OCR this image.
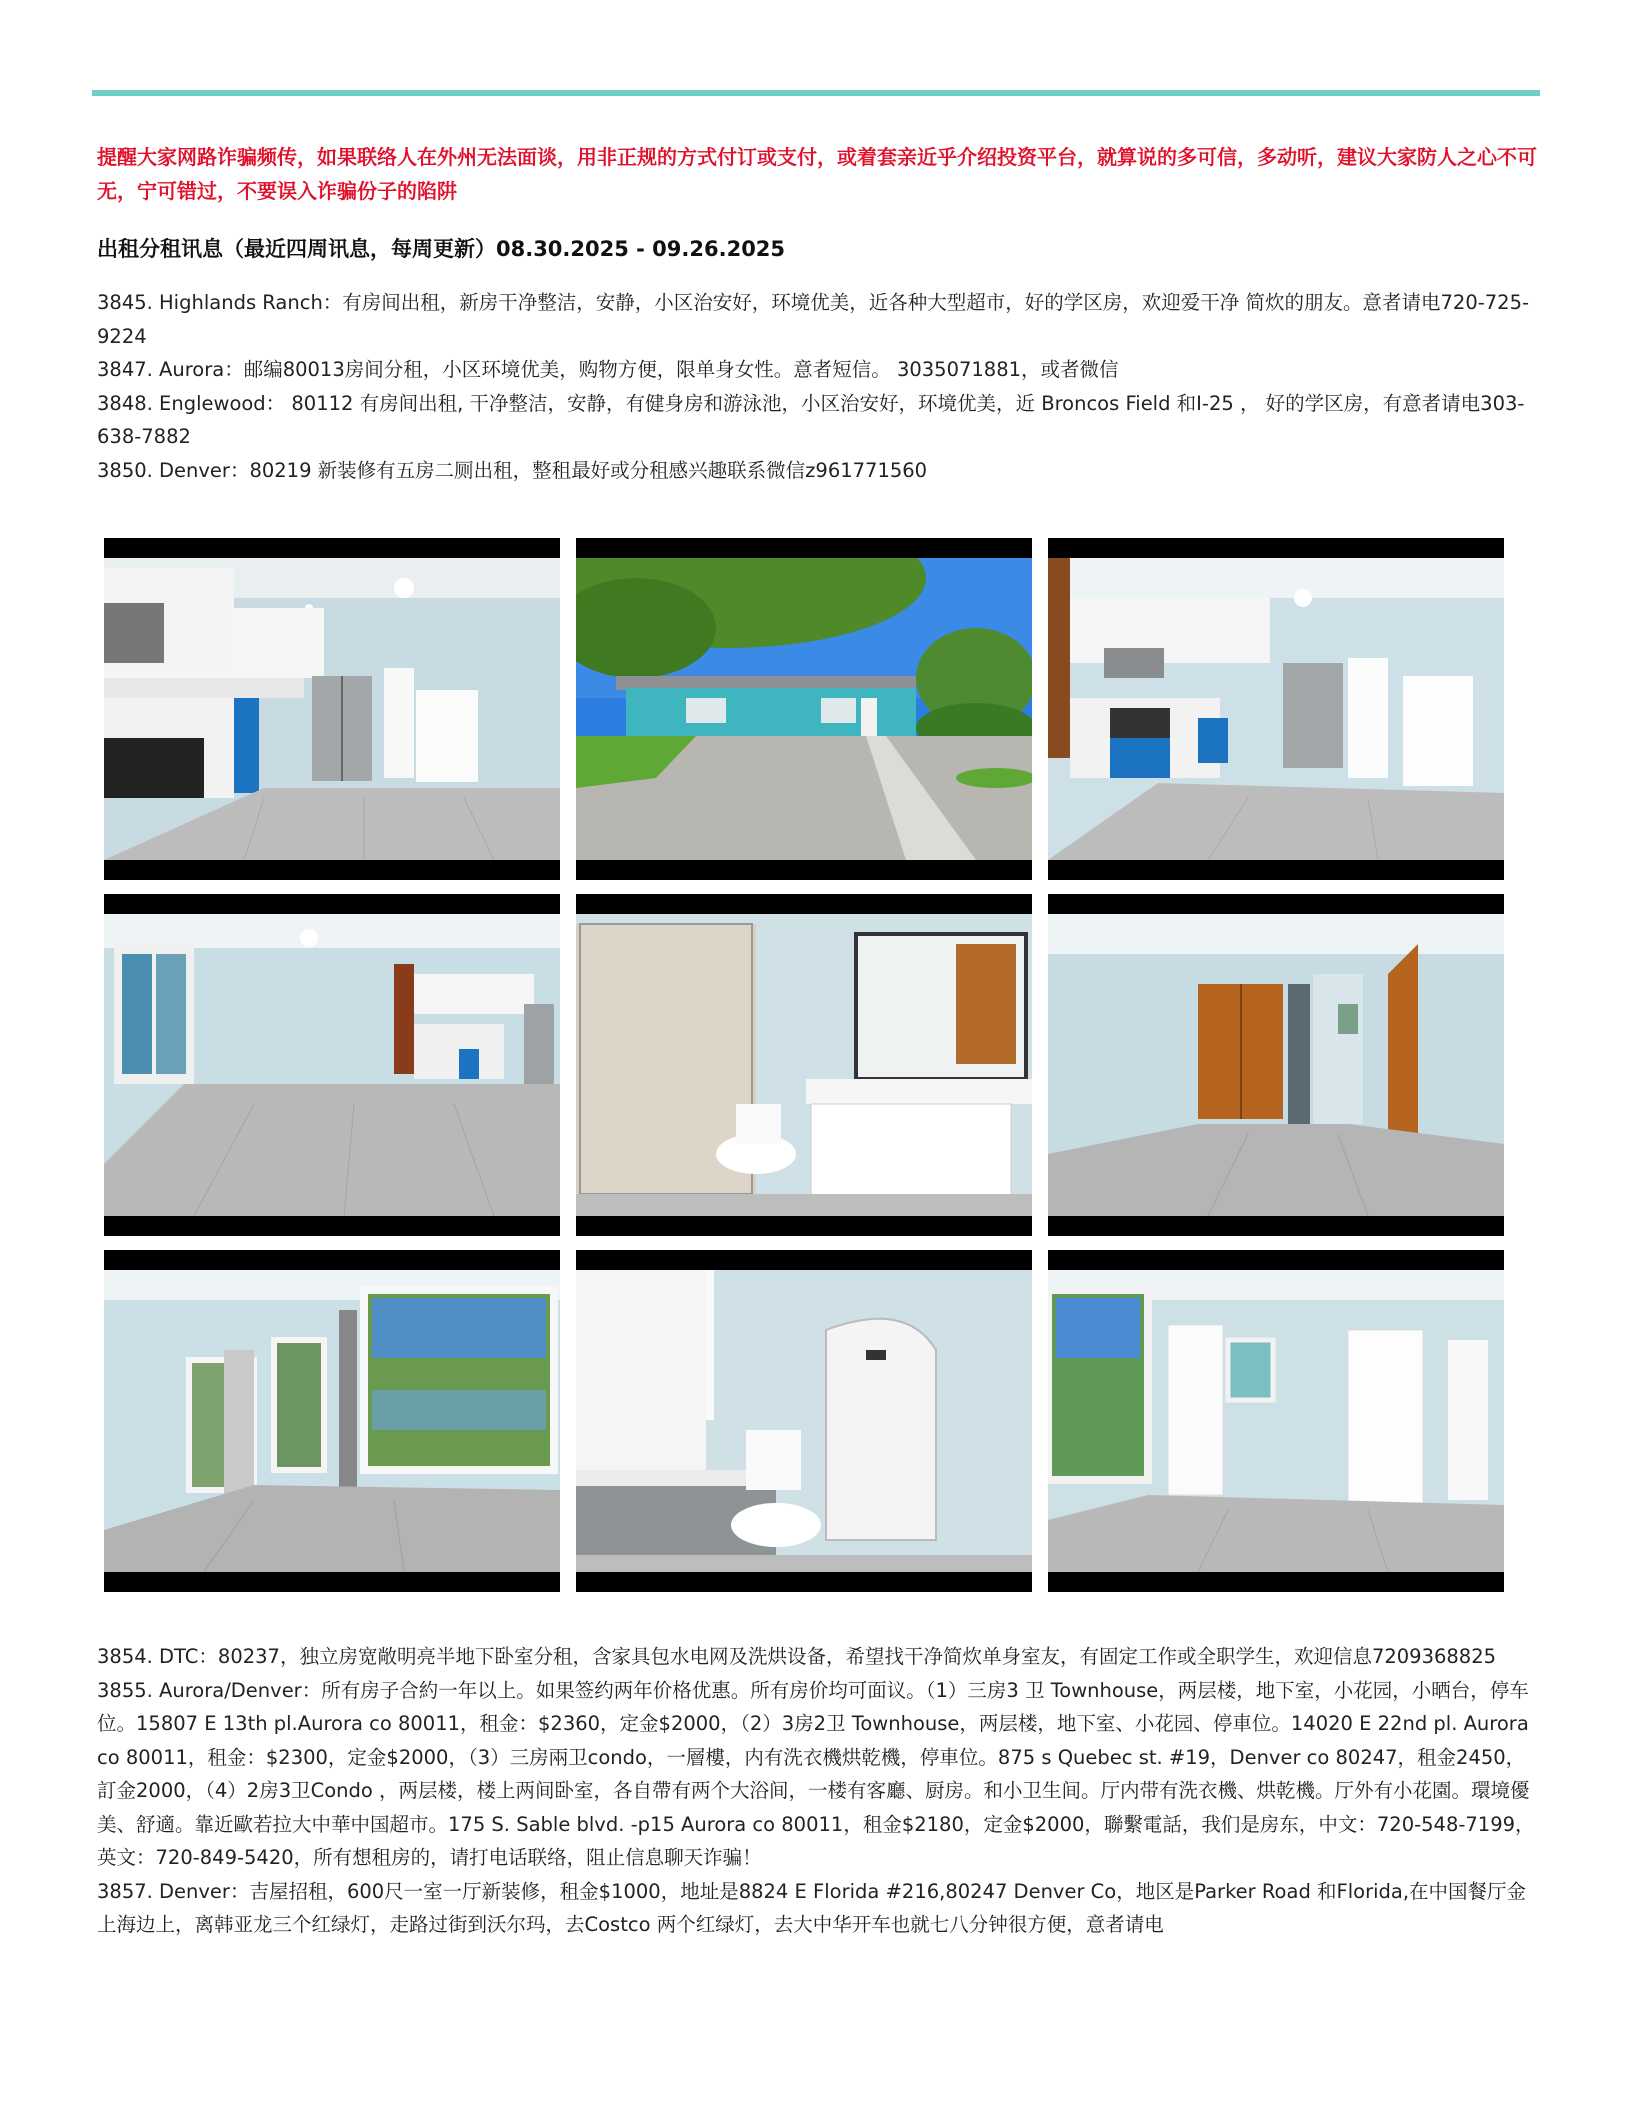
提醒大家网路诈骗频传，如果联络人在外州无法面谈，用非正规的方式付订或支付，或着套亲近乎介绍投资平台，就算说的多可信，多动听，建议大家防人之心不可无，宁可错过，不要误入诈骗份子的陷阱
出租分租讯息（最近四周讯息，每周更新）08.30.2025 - 09.26.2025

3845. Highlands Ranch：有房间出租，新房干净整洁，安静，小区治安好，环境优美，近各种大型超市，好的学区房，欢迎爱干净 简炊的朋友。意者请电720-725-9224

3847. Aurora：邮编80013房间分租，小区环境优美，购物方便，限单身女性。意者短信。 3035071881，或者微信

3848. Englewood： 80112 有房间出租, 干净整洁，安静，有健身房和游泳池，小区治安好，环境优美，近 Broncos Field 和I-25 ， 好的学区房，有意者请电303-638-7882

3850. Denver：80219 新装修有五房二厕出租，整租最好或分租感兴趣联系微信z961771560

3854. DTC：80237，独立房宽敞明亮半地下卧室分租，含家具包水电网及洗烘设备，希望找干净简炊单身室友，有固定工作或全职学生，欢迎信息7209368825

3855. Aurora/Denver：所有房子合約一年以上。如果签约两年价格优惠。所有房价均可面议。（1）三房3 卫 Townhouse，两层楼，地下室，小花园，小晒台，停车位。15807 E 13th pl.Aurora co 80011，租金：$2360，定金$2000，（2）3房2卫 Townhouse，两层楼，地下室、小花园、停車位。14020 E 22nd pl. Aurora co 80011，租金：$2300，定金$2000，（3）三房兩卫condo，一層樓，内有洗衣機烘乾機，停車位。875 s Quebec st. #19，Denver co 80247，租金2450，訂金2000，（4）2房3卫Condo ，两层楼，楼上两间卧室，各自帶有两个大浴间，一楼有客廳、厨房。和小卫生间。厅内带有洗衣機、烘乾機。厅外有小花園。環境優美、舒適。靠近歐若拉大中華中国超市。175 S. Sable blvd. -p15 Aurora co 80011，租金$2180，定金$2000，聯繫電話，我们是房东，中文：720-548-7199，英文：720-849-5420，所有想租房的，请打电话联络，阻止信息聊天诈骗！

3857. Denver：吉屋招租，600尺一室一厅新装修，租金$1000，地址是8824 E Florida #216,80247 Denver Co，地区是Parker Road 和Florida,在中国餐厅金上海边上，离韩亚龙三个红绿灯，走路过街到沃尔玛，去Costco 两个红绿灯，去大中华开车也就七八分钟很方便，意者请电
